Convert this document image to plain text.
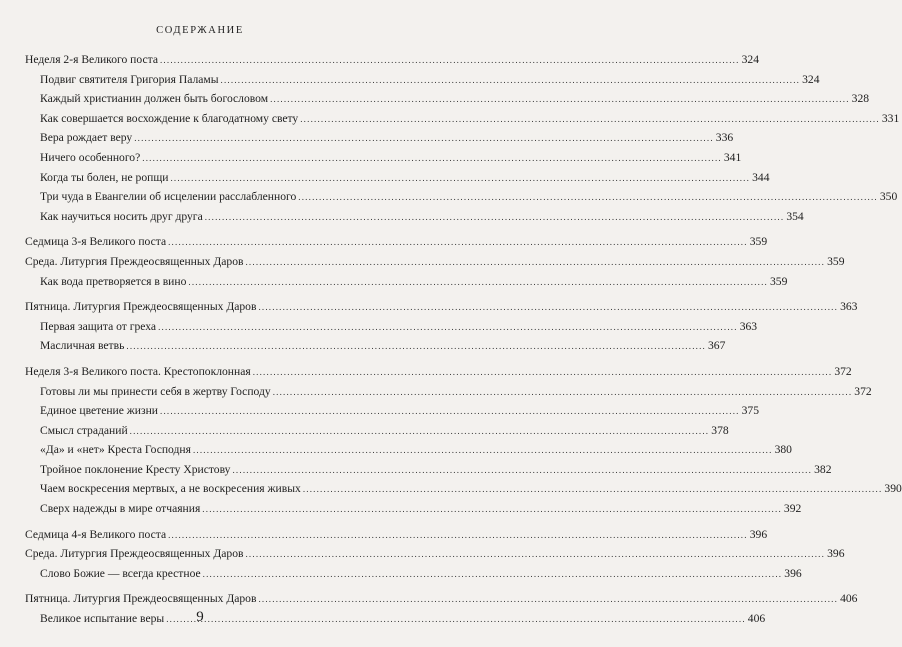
СОДЕРЖАНИЕ
Неделя 2-я Великого поста .....	324
Подвиг святителя Григория Паламы .....	324
Каждый христианин должен быть богословом .....	328
Как совершается восхождение к благодатному свету .....	331
Вера рождает веру .....	336
Ничего особенного? .....	341
Когда ты болен, не ропщи .....	344
Три чуда в Евангелии об исцелении расслабленного .....	350
Как научиться носить друг друга .....	354
Седмица 3-я Великого поста .....	359
Среда. Литургия Преждеосвященных Даров .....	359
Как вода претворяется в вино .....	359
Пятница. Литургия Преждеосвященных Даров .....	363
Первая защита от греха .....	363
Масличная ветвь .....	367
Неделя 3-я Великого поста. Крестопоклонная .....	372
Готовы ли мы принести себя в жертву Господу .....	372
Единое цветение жизни .....	375
Смысл страданий .....	378
«Да» и «нет» Креста Господня .....	380
Тройное поклонение Кресту Христову .....	382
Чаем воскресения мертвых, а не воскресения живых .....	390
Сверх надежды в мире отчаяния .....	392
Седмица 4-я Великого поста .....	396
Среда. Литургия Преждеосвященных Даров .....	396
Слово Божие — всегда крестное .....	396
Пятница. Литургия Преждеосвященных Даров .....	406
Великое испытание веры .....	406
9
